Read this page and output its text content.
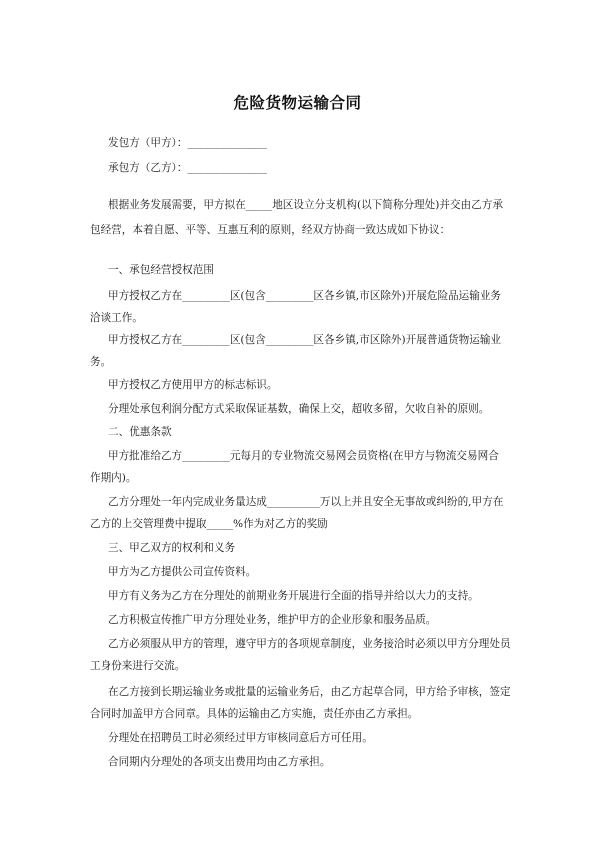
危险货物运输合同
发包方（甲方）：_______________
承包方（乙方）：_______________
根据业务发展需要，甲方拟在_____地区设立分支机构(以下简称分理处)并交由乙方承
包经营，本着自愿、平等、互惠互利的原则，经双方协商一致达成如下协议：
一、承包经营授权范围
甲方授权乙方在_________区(包含_________区各乡镇,市区除外)开展危险品运输业务
洽谈工作。
甲方授权乙方在_________区(包含_________区各乡镇,市区除外)开展普通货物运输业
务。
甲方授权乙方使用甲方的标志标识。
分理处承包利润分配方式采取保证基数，确保上交，超收多留，欠收自补的原则。
二、优惠条款
甲方批准给乙方_________元每月的专业物流交易网会员资格(在甲方与物流交易网合
作期内)。
乙方分理处一年内完成业务量达成__________万以上并且安全无事故或纠纷的,甲方在
乙方的上交管理费中提取_____%作为对乙方的奖励
三、甲乙双方的权利和义务
甲方为乙方提供公司宣传资料。
甲方有义务为乙方在分理处的前期业务开展进行全面的指导并给以大力的支持。
乙方积极宣传推广甲方分理处业务，维护甲方的企业形象和服务品质。
乙方必须服从甲方的管理，遵守甲方的各项规章制度，业务接洽时必须以甲方分理处员
工身份来进行交流。
在乙方接到长期运输业务或批量的运输业务后，由乙方起草合同，甲方给予审核，签定
合同时加盖甲方合同章。具体的运输由乙方实施，责任亦由乙方承担。
分理处在招聘员工时必须经过甲方审核同意后方可任用。
合同期内分理处的各项支出费用均由乙方承担。
